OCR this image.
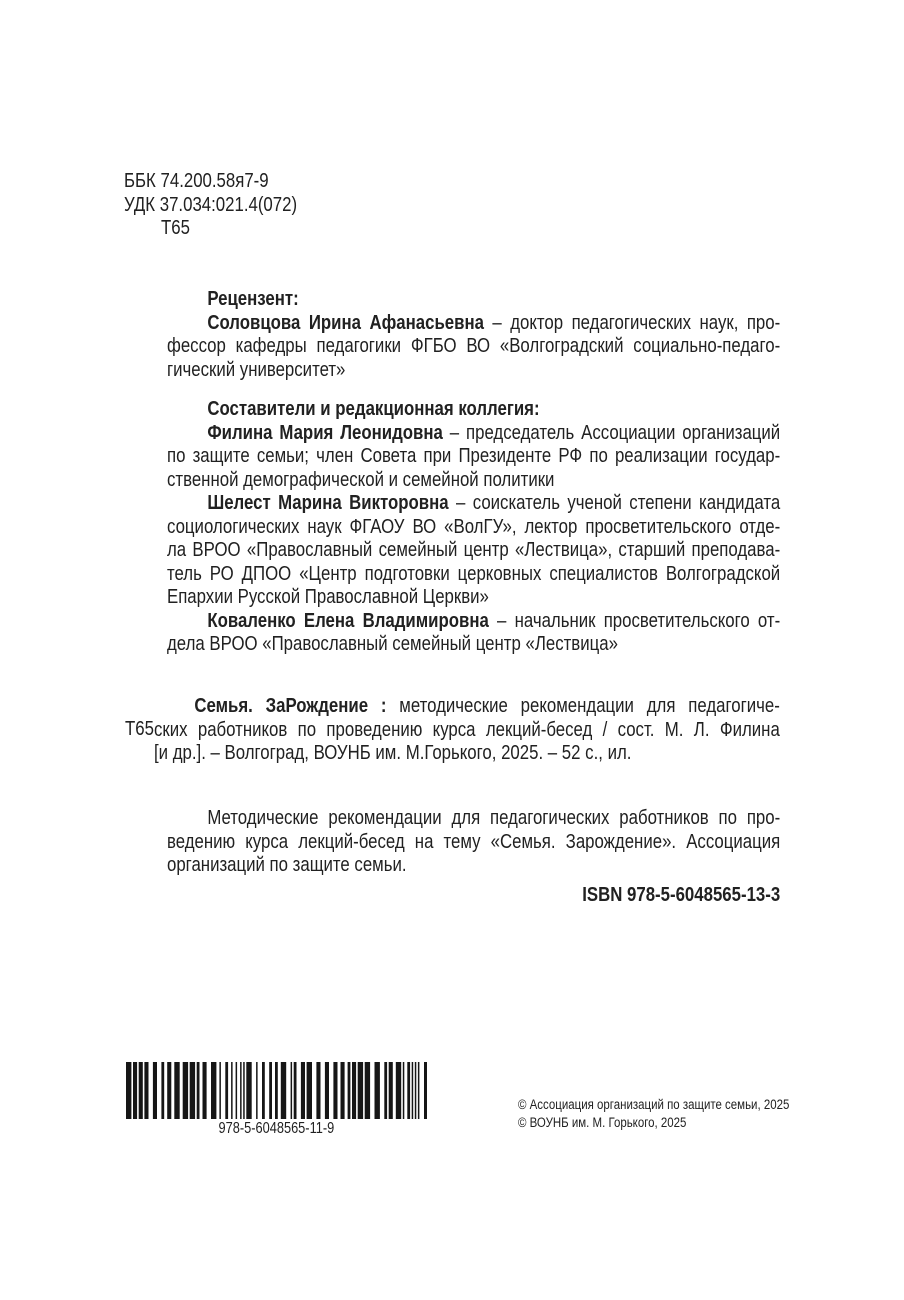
ББК 74.200.58я7-9
УДК 37.034:021.4(072)
Т65
Рецензент:
Соловцова Ирина Афанасьевна – доктор педагогических наук, про-
фессор кафедры педагогики ФГБО ВО «Волгоградский социально-педаго-
гический университет»
Составители и редакционная коллегия:
Филина Мария Леонидовна – председатель Ассоциации организаций
по защите семьи; член Совета при Президенте РФ по реализации государ-
ственной демографической и семейной политики
Шелест Марина Викторовна – соискатель ученой степени кандидата
социологических наук ФГАОУ ВО «ВолГУ», лектор просветительского отде-
ла ВРОО «Православный семейный центр «Лествица», старший преподава-
тель РО ДПОО «Центр подготовки церковных специалистов Волгоградской
Епархии Русской Православной Церкви»
Коваленко Елена Владимировна – начальник просветительского от-
дела ВРОО «Православный семейный центр «Лествица»
Т65
Семья. ЗаРождение : методические рекомендации для педагогиче-
ских работников по проведению курса лекций-бесед / сост. М. Л. Филина
[и др.]. – Волгоград, ВОУНБ им. М.Горького, 2025. – 52 с., ил.
Методические рекомендации для педагогических работников по про-
ведению курса лекций-бесед на тему «Семья. Зарождение». Ассоциация
организаций по защите семьи.
ISBN 978-5-6048565-13-3
978-5-6048565-11-9
© Ассоциация организаций по защите семьи, 2025
© ВОУНБ им. М. Горького, 2025
